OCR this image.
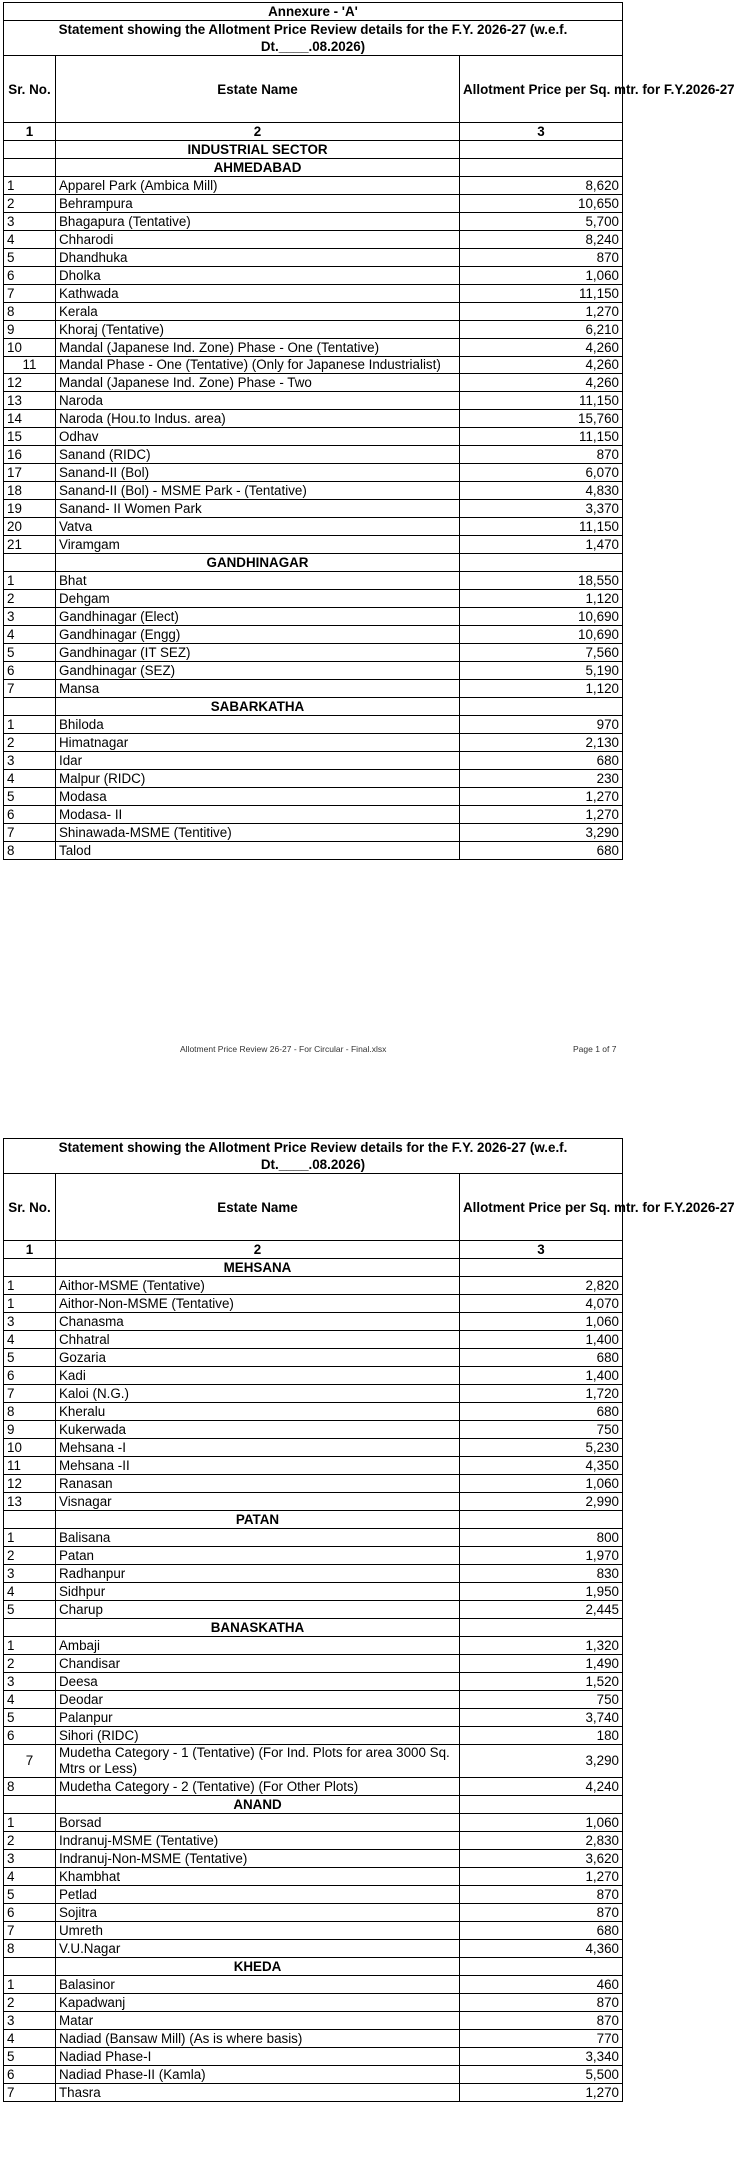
Annexure - 'A'		
Statement showing the Allotment Price Review details for the F.Y. 2026-27 (w.e.f. Dt.____.08.2026)		
Sr. No.	Estate Name	Allotment Price per Sq. mtr. for F.Y.2026-27
1	2	3
	INDUSTRIAL SECTOR	
	AHMEDABAD	
1	Apparel Park (Ambica Mill)	8,620
2	Behrampura	10,650
3	Bhagapura (Tentative)	5,700
4	Chharodi	8,240
5	Dhandhuka	870
6	Dholka	1,060
7	Kathwada	11,150
8	Kerala	1,270
9	Khoraj (Tentative)	6,210
10	Mandal (Japanese Ind. Zone) Phase - One (Tentative)	4,260
11	Mandal Phase - One (Tentative) (Only for Japanese Industrialist)	4,260
12	Mandal (Japanese Ind. Zone) Phase - Two	4,260
13	Naroda	11,150
14	Naroda (Hou.to Indus. area)	15,760
15	Odhav	11,150
16	Sanand (RIDC)	870
17	Sanand-II (Bol)	6,070
18	Sanand-II (Bol) - MSME Park - (Tentative)	4,830
19	Sanand- II Women Park	3,370
20	Vatva	11,150
21	Viramgam	1,470
	GANDHINAGAR	
1	Bhat	18,550
2	Dehgam	1,120
3	Gandhinagar (Elect)	10,690
4	Gandhinagar (Engg)	10,690
5	Gandhinagar (IT SEZ)	7,560
6	Gandhinagar (SEZ)	5,190
7	Mansa	1,120
	SABARKATHA	
1	Bhiloda	970
2	Himatnagar	2,130
3	Idar	680
4	Malpur (RIDC)	230
5	Modasa	1,270
6	Modasa- II	1,270
7	Shinawada-MSME (Tentitive)	3,290
8	Talod	680
Allotment Price Review 26-27 - For Circular - Final.xlsx	Page 1 of 7
Statement showing the Allotment Price Review details for the F.Y. 2026-27 (w.e.f. Dt.____.08.2026)		
Sr. No.	Estate Name	Allotment Price per Sq. mtr. for F.Y.2026-27
1	2	3
	MEHSANA	
1	Aithor-MSME (Tentative)	2,820
1	Aithor-Non-MSME (Tentative)	4,070
3	Chanasma	1,060
4	Chhatral	1,400
5	Gozaria	680
6	Kadi	1,400
7	Kaloi (N.G.)	1,720
8	Kheralu	680
9	Kukerwada	750
10	Mehsana -I	5,230
11	Mehsana -II	4,350
12	Ranasan	1,060
13	Visnagar	2,990
	PATAN	
1	Balisana	800
2	Patan	1,970
3	Radhanpur	830
4	Sidhpur	1,950
5	Charup	2,445
	BANASKATHA	
1	Ambaji	1,320
2	Chandisar	1,490
3	Deesa	1,520
4	Deodar	750
5	Palanpur	3,740
6	Sihori (RIDC)	180
7	Mudetha Category - 1 (Tentative) (For Ind. Plots for area 3000 Sq. Mtrs or Less)	3,290
8	Mudetha Category - 2 (Tentative) (For Other Plots)	4,240
	ANAND	
1	Borsad	1,060
2	Indranuj-MSME (Tentative)	2,830
3	Indranuj-Non-MSME (Tentative)	3,620
4	Khambhat	1,270
5	Petlad	870
6	Sojitra	870
7	Umreth	680
8	V.U.Nagar	4,360
	KHEDA	
1	Balasinor	460
2	Kapadwanj	870
3	Matar	870
4	Nadiad (Bansaw Mill) (As is where basis)	770
5	Nadiad Phase-I	3,340
6	Nadiad Phase-II (Kamla)	5,500
7	Thasra	1,270
